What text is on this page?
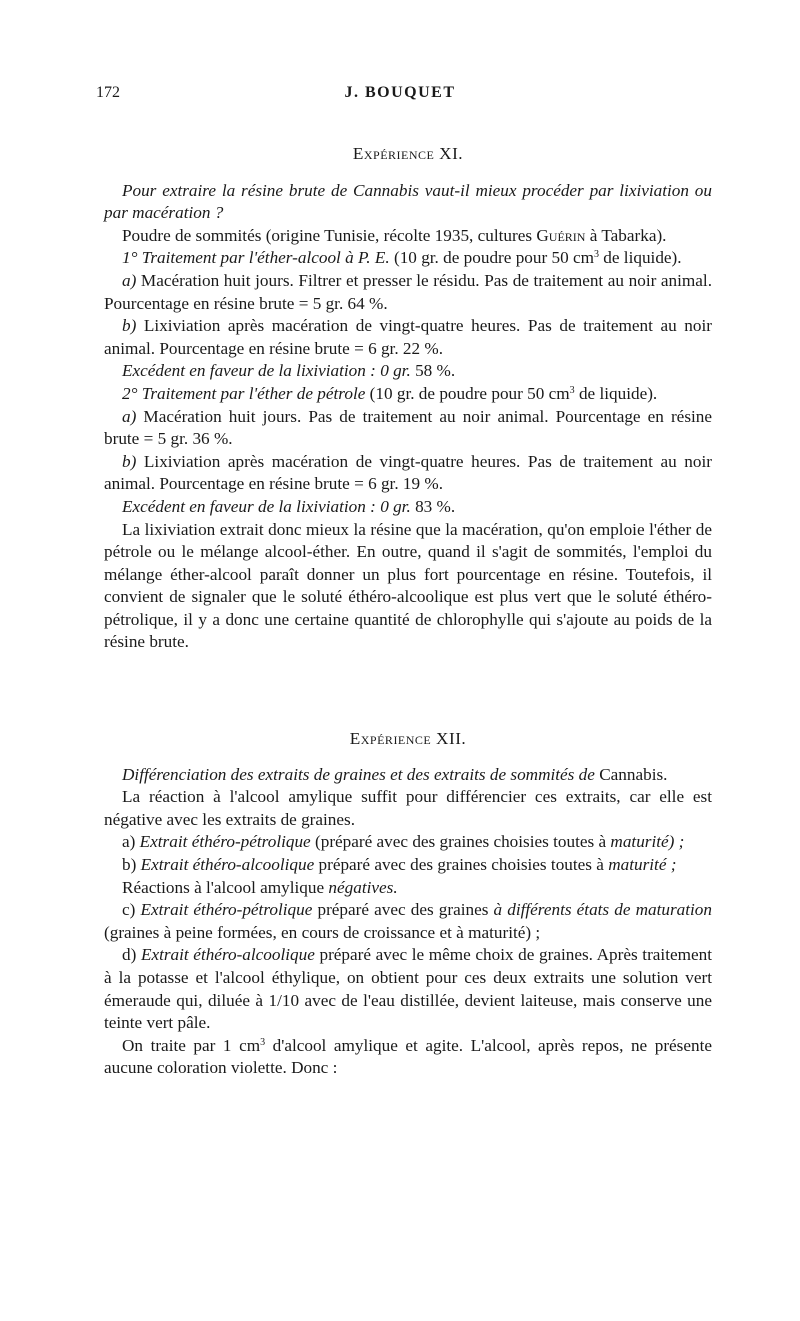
172	J. BOUQUET

Expérience XI.

Pour extraire la résine brute de Cannabis vaut-il mieux procéder par lixiviation ou par macération ?

Poudre de sommités (origine Tunisie, récolte 1935, cultures Guérin à Tabarka).

1° Traitement par l'éther-alcool à P. E. (10 gr. de poudre pour 50 $cm^3$ de liquide).

a) Macération huit jours. Filtrer et presser le résidu. Pas de traitement au noir animal. Pourcentage en résine brute = 5 gr. 64 %.

b) Lixiviation après macération de vingt-quatre heures. Pas de traitement au noir animal. Pourcentage en résine brute = 6 gr. 22 %.

Excédent en faveur de la lixiviation : 0 gr. 58 %.

2° Traitement par l'éther de pétrole (10 gr. de poudre pour 50 $cm^3$ de liquide).

a) Macération huit jours. Pas de traitement au noir animal. Pourcentage en résine brute = 5 gr. 36 %.

b) Lixiviation après macération de vingt-quatre heures. Pas de traitement au noir animal. Pourcentage en résine brute = 6 gr. 19 %.

Excédent en faveur de la lixiviation : 0 gr. 83 %.

La lixiviation extrait donc mieux la résine que la macération, qu'on emploie l'éther de pétrole ou le mélange alcool-éther. En outre, quand il s'agit de sommités, l'emploi du mélange éther-alcool paraît donner un plus fort pourcentage en résine. Toutefois, il convient de signaler que le soluté éthéro-alcoolique est plus vert que le soluté éthéro-pétrolique, il y a donc une certaine quantité de chlorophylle qui s'ajoute au poids de la résine brute.

Expérience XII.

Différenciation des extraits de graines et des extraits de sommités de Cannabis.

La réaction à l'alcool amylique suffit pour différencier ces extraits, car elle est négative avec les extraits de graines.

a) Extrait éthéro-pétrolique (préparé avec des graines choisies toutes à maturité) ;

b) Extrait éthéro-alcoolique préparé avec des graines choisies toutes à maturité ;

Réactions à l'alcool amylique négatives.

c) Extrait éthéro-pétrolique préparé avec des graines à différents états de maturation (graines à peine formées, en cours de croissance et à maturité) ;

d) Extrait éthéro-alcoolique préparé avec le même choix de graines. Après traitement à la potasse et l'alcool éthylique, on obtient pour ces deux extraits une solution vert émeraude qui, diluée à 1/10 avec de l'eau distillée, devient laiteuse, mais conserve une teinte vert pâle.

On traite par 1 $cm^3$ d'alcool amylique et agite. L'alcool, après repos, ne présente aucune coloration violette. Donc :
